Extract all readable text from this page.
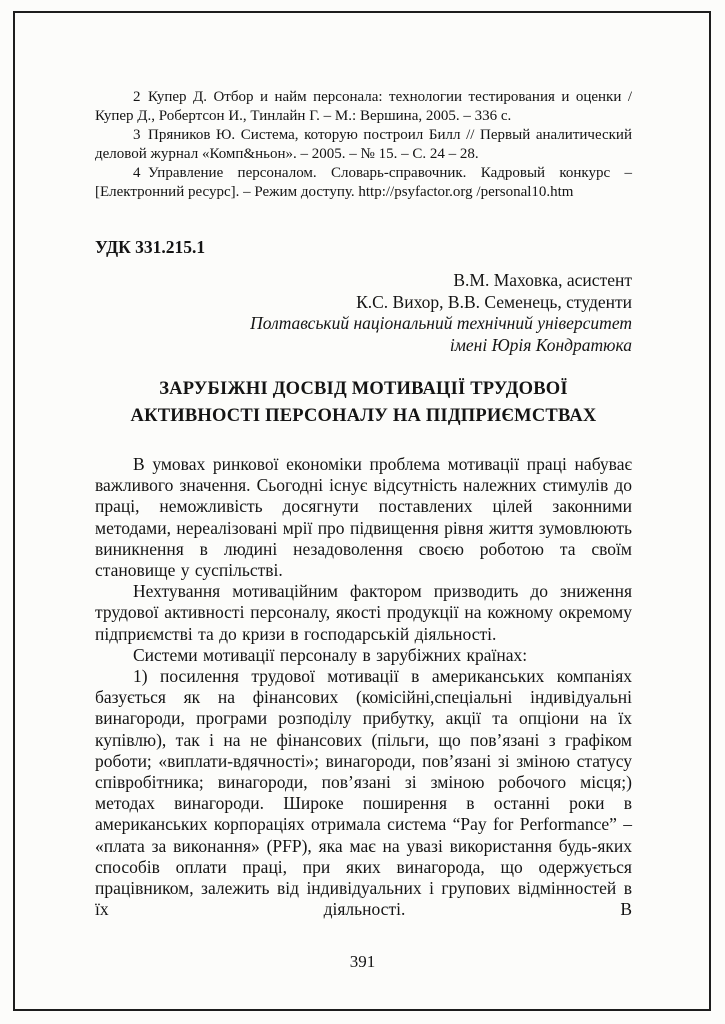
2 Купер Д. Отбор и найм персонала: технологии тестирования и оценки / Купер Д., Робертсон И., Тинлайн Г. – М.: Вершина, 2005. – 336 с.

3 Пряников Ю. Система, которую построил Билл // Первый аналитический деловой журнал «Комп&ньон». – 2005. – № 15. – С. 24 – 28.

4 Управление персоналом. Словарь-справочник. Кадровый конкурс – [Електронний ресурс]. – Режим доступу. http://psyfactor.org /personal10.htm

УДК 331.215.1
В.М. Маховка, асистент
К.С. Вихор, В.В. Семенець, студенти
Полтавський національний технічний університет
імені Юрія Кондратюка
ЗАРУБІЖНІ ДОСВІД МОТИВАЦІЇ ТРУДОВОЇ
АКТИВНОСТІ ПЕРСОНАЛУ НА ПІДПРИЄМСТВАХ

В умовах ринкової економіки проблема мотивації праці набуває важливого значення. Сьогодні існує відсутність належних стимулів до праці, неможливість досягнути поставлених цілей законними методами, нереалізовані мрії про підвищення рівня життя зумовлюють виникнення в людині незадоволення своєю роботою та своїм становище у суспільстві.

Нехтування мотиваційним фактором призводить до зниження трудової активності персоналу, якості продукції на кожному окремому підприємстві та до кризи в господарській діяльності.

Системи мотивації персоналу в зарубіжних країнах:

1) посилення трудової мотивації в американських компаніях базується як на фінансових (комісійні,спеціальні індивідуальні винагороди, програми розподілу прибутку, акції та опціони на їх купівлю), так і на не фінансових (пільги, що пов’язані з графіком роботи; «виплати-вдячності»; винагороди, пов’язані зі зміною статусу співробітника; винагороди, пов’язані зі зміною робочого місця;) методах винагороди. Широке поширення в останні роки в американських корпораціях отримала система “Pay for Performance” – «плата за виконання» (PFP), яка має на увазі використання будь-яких способів оплати праці, при яких винагорода, що одержується працівником, залежить від індивідуальних і групових відмінностей в їх діяльності. В

391
